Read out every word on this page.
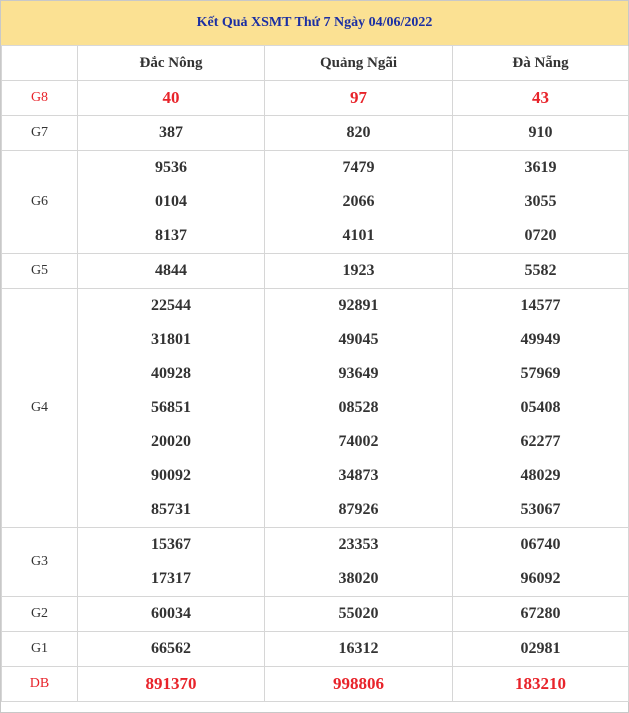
Kết Quả XSMT Thứ 7 Ngày 04/06/2022
	Đắc Nông	Quảng Ngãi	Đà Nẵng
G8	40	97	43
G7	387	820	910
G6	9536	7479	3619
	0104	2066	3055
	8137	4101	0720
G5	4844	1923	5582
G4	22544	92891	14577
	31801	49045	49949
	40928	93649	57969
	56851	08528	05408
	20020	74002	62277
	90092	34873	48029
	85731	87926	53067
G3	15367	23353	06740
	17317	38020	96092
G2	60034	55020	67280
G1	66562	16312	02981
DB	891370	998806	183210
